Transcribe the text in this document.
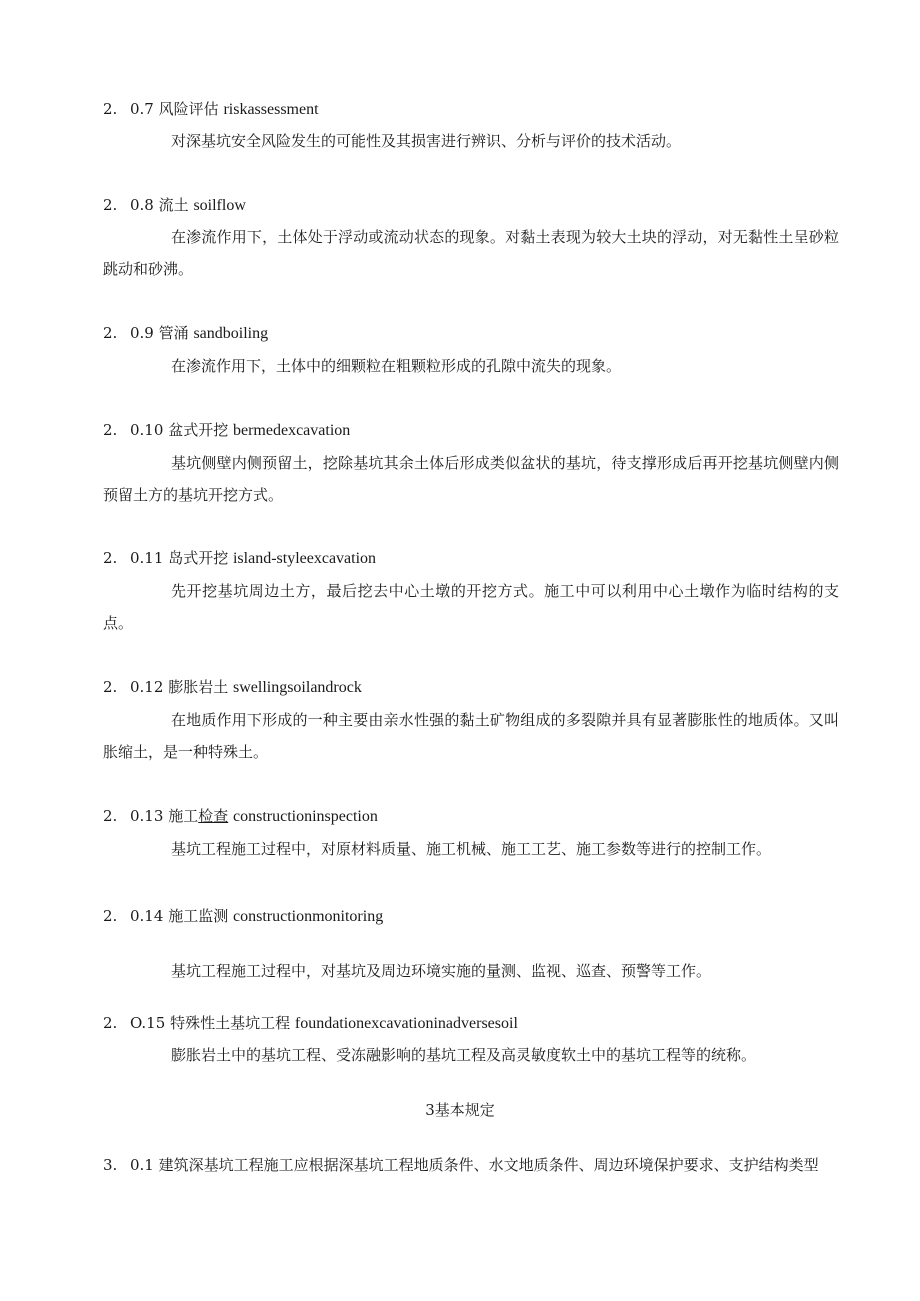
2. 0.7 风险评估 riskassessment
对深基坑安全风险发生的可能性及其损害进行辨识、分析与评价的技术活动。
2. 0.8 流土 soilflow
在渗流作用下，土体处于浮动或流动状态的现象。对黏土表现为较大土块的浮动，对无黏性土呈砂粒跳动和砂沸。
2. 0.9 管涌 sandboiling
在渗流作用下，土体中的细颗粒在粗颗粒形成的孔隙中流失的现象。
2. 0.10 盆式开挖 bermedexcavation
基坑侧壁内侧预留土，挖除基坑其余土体后形成类似盆状的基坑，待支撑形成后再开挖基坑侧壁内侧预留土方的基坑开挖方式。
2. 0.11 岛式开挖 island-styleexcavation
先开挖基坑周边土方，最后挖去中心土墩的开挖方式。施工中可以利用中心土墩作为临时结构的支点。
2. 0.12 膨胀岩土 swellingsoilandrock
在地质作用下形成的一种主要由亲水性强的黏土矿物组成的多裂隙并具有显著膨胀性的地质体。又叫胀缩土，是一种特殊土。
2. 0.13 施工检查 constructioninspection
基坑工程施工过程中，对原材料质量、施工机械、施工工艺、施工参数等进行的控制工作。
2. 0.14 施工监测 constructionmonitoring
基坑工程施工过程中，对基坑及周边环境实施的量测、监视、巡查、预警等工作。
2. O.15 特殊性土基坑工程 foundationexcavationinadversesoil
膨胀岩土中的基坑工程、受冻融影响的基坑工程及高灵敏度软土中的基坑工程等的统称。
3基本规定
3. 0.1 建筑深基坑工程施工应根据深基坑工程地质条件、水文地质条件、周边环境保护要求、支护结构类型
